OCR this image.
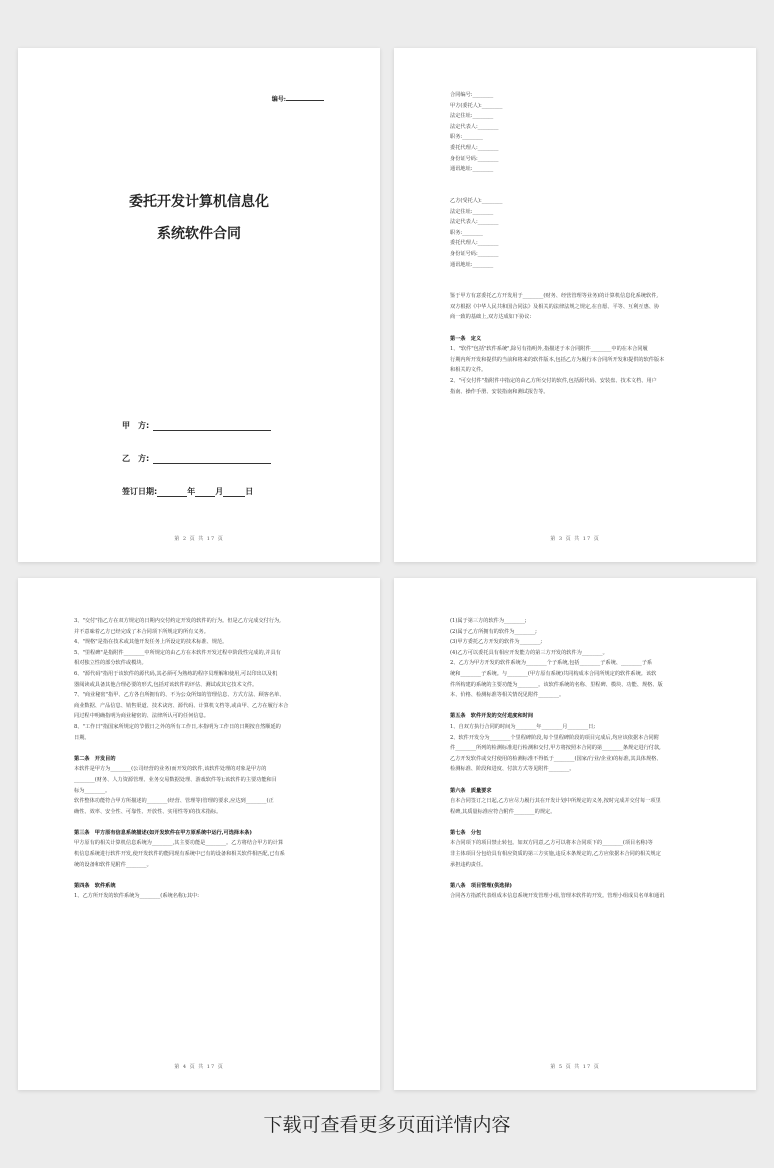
编号:
委托开发计算机信息化
系统软件合同
甲　方:
乙　方:
签订日期:	年	月	日
第 2 页 共 17 页
合同编号:________
甲方(委托人):________
法定住址:________
法定代表人:________
职务:________
委托代理人:________
身份证号码:________
通讯地址:________
乙方(受托人):________
法定住址:________
法定代表人:________
职务:________
委托代理人:________
身份证号码:________
通讯地址:________
鉴于甲方有意委托乙方开发用于________(财务、经营管理等业务)的计算机信息化系统软件,
双方根据《中华人民共和国合同法》及相关的法律法规之规定,在自愿、平等、互利互惠、协
商一致的基础上,双方达成如下协议:
第一条　定义
1、"软件"包括"软件系统",除另有指明外,指描述于本合同附件________中的在本合同履
行期内所开发和提供的当前和将来的软件版本,包括乙方为履行本合同所开发和提供的软件版本
和相关的文件。
2、"可交付件"指附件中指定的由乙方所交付的软件,包括源代码、安装盘、技术文档、用户
指南、操作手册、安装指南和测试报告等。
第 3 页 共 17 页
3、"交付"指乙方在双方规定的日期内交付约定开发的软件的行为。但是乙方完成交付行为,
并不意味着乙方已经完成了本合同项下所规定的所有义务。
4、"规格"是指在技术或其他开发任务上所设定的技术标准、规范。
5、"里程碑"是指附件________中所规定的由乙方在本软件开发过程中阶段性完成的,并具有
相对独立性的部分软件或模块。
6、"源代码"指用于该软件的源代码,其必须可为熟练的程序员理解和使用,可以印出以及机
器阅读或具备其他合理必要的形式,包括对该软件的评估、测试或其它技术文件。
7、"商业秘密"指甲、乙方各自所拥有的、不为公众所知的管理信息、方式方法、顾客名单、
商业数据、产品信息、销售渠道、技术诀窍、源代码、计算机文档等,或由甲、乙方在履行本合
同过程中明确指明为商业秘密的、法律所认可的任何信息。
8、"工作日"指国家所规定的节假日之外的所有工作日,本指明为工作日的日期按自然顺延的
日期。
第二条　开发目的
本软件是甲方为________(公司经营的业务)而开发的软件,该软件处理的对象是甲方的
________(财务、人力资源管理、业务交易数据处理、游戏软件等);该软件的主要功能和目
标为________。
软件整体功能符合甲方所描述的________(经营、管理等)管理的要求,应达到________(正
确性、效率、安全性、可靠性、开放性、实用性等)的技术指标。
第三条　甲方原有信息系统描述(如开发软件在甲方原系统中运行,可选择本条)
甲方原有的相关计算机信息系统为________,其主要功能是________。乙方将结合甲方的计算
机信息系统进行软件开发,使开发软件的能同现有系统中已有的设备和相关软件相匹配,已有系
统的设备和软件见附件________。
第四条　软件系统
1、乙方所开发的软件系统为________(系统名称);其中:
第 4 页 共 17 页
(1)属于第三方的软件为________;
(2)属于乙方所拥有的软件为________;
(3)甲方委托乙方开发的软件为________;
(4)乙方可以委托具有相应开发能力的第三方开发的软件为________。
2、乙方为甲方开发的软件系统为________个子系统,包括________子系统、________子系
统和________子系统。与________(甲方原有系统)共同构成本合同所规定的软件系统。该软
件所构建的系统的主要功能为________。该软件系统的名称、里程碑、模块、功能、规格、版
本、价格、检测标准等相关情况见附件________。
第五条　软件开发的交付进度和时间
1、自双方执行合同的时间为________年________月________日;
2、软件开发分为________个里程碑阶段,每个里程碑阶段的项目完成后,均应该依据本合同附
件________所列的检测标准进行检测和交付,甲方将按照本合同的第________条规定进行付款,
乙方开发软件或交付使用的检测标准不得低于________(国家/行业/企业)的标准,其具体规格、
检测标准、阶段和进度、付款方式等见附件________。
第六条　质量要求
自本合同签订之日起,乙方应尽力履行其在开发计划中所规定的义务,按时完成并交付每一项里
程碑,其质量标准应符合附件________的规定。
第七条　分包
本合同项下的项目禁止转包。如双方同意,乙方可以将本合同项下的________(项目名称)等
非主体项目分包给具有相应资质的第三方实施,违反本条规定的,乙方应依据本合同的相关规定
承担违约责任。
第八条　项目管理(供选择)
合同各方指派代表组成本信息系统开发管理小组,管理本软件的开发。管理小组成员名单和通讯
第 5 页 共 17 页
下载可查看更多页面详情内容
